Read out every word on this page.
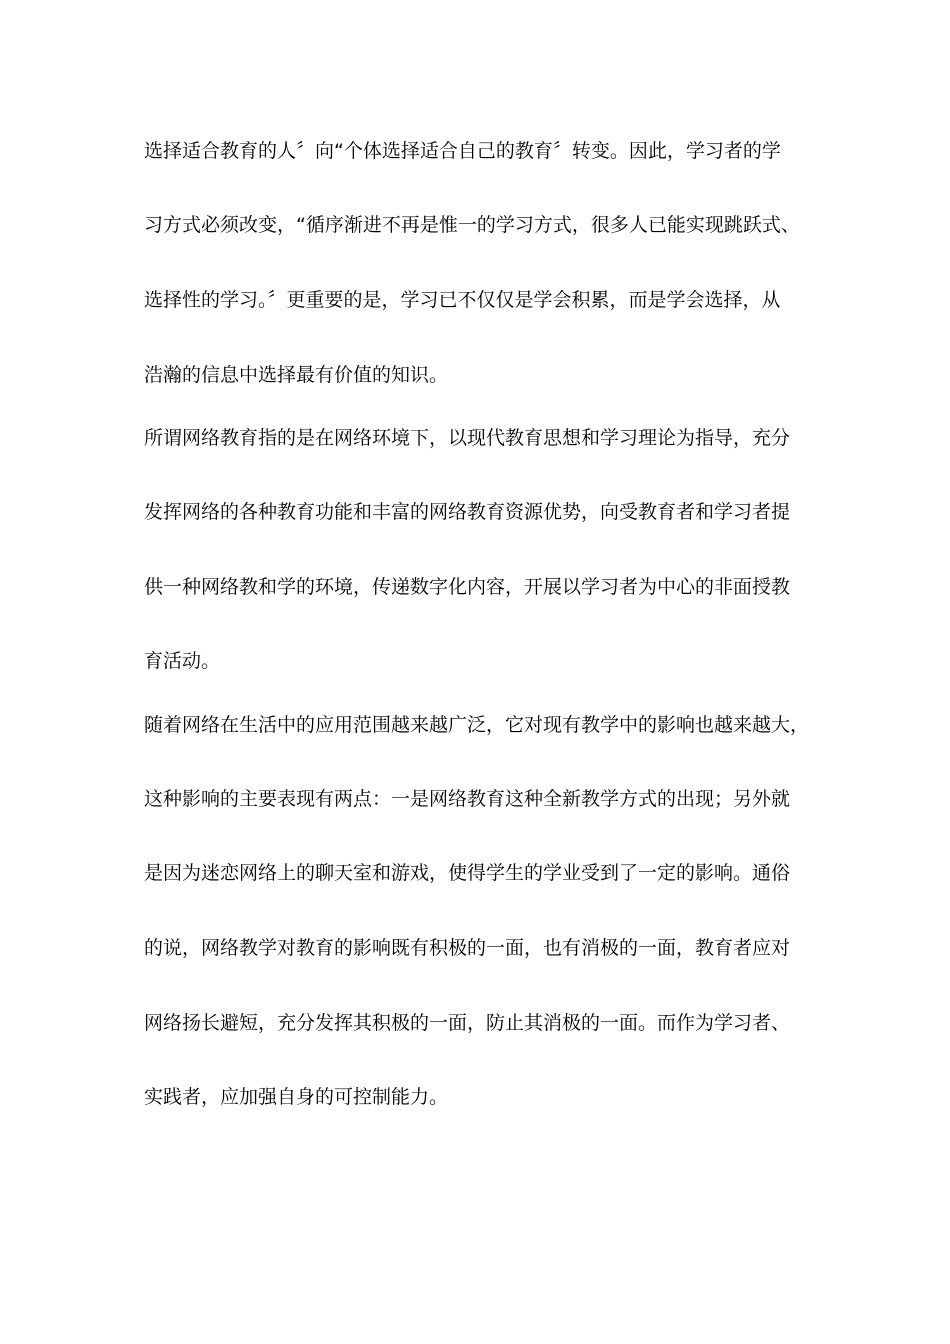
选择适合教育的人〞向“个体选择适合自己的教育〞转变。因此，学习者的学
习方式必须改变，“循序渐进不再是惟一的学习方式，很多人已能实现跳跃式、
选择性的学习。〞更重要的是，学习已不仅仅是学会积累，而是学会选择，从
浩瀚的信息中选择最有价值的知识。
所谓网络教育指的是在网络环境下，以现代教育思想和学习理论为指导，充分
发挥网络的各种教育功能和丰富的网络教育资源优势，向受教育者和学习者提
供一种网络教和学的环境，传递数字化内容，开展以学习者为中心的非面授教
育活动。
随着网络在生活中的应用范围越来越广泛，它对现有教学中的影响也越来越大，
这种影响的主要表现有两点：一是网络教育这种全新教学方式的出现；另外就
是因为迷恋网络上的聊天室和游戏，使得学生的学业受到了一定的影响。通俗
的说，网络教学对教育的影响既有积极的一面，也有消极的一面，教育者应对
网络扬长避短，充分发挥其积极的一面，防止其消极的一面。而作为学习者、
实践者，应加强自身的可控制能力。
